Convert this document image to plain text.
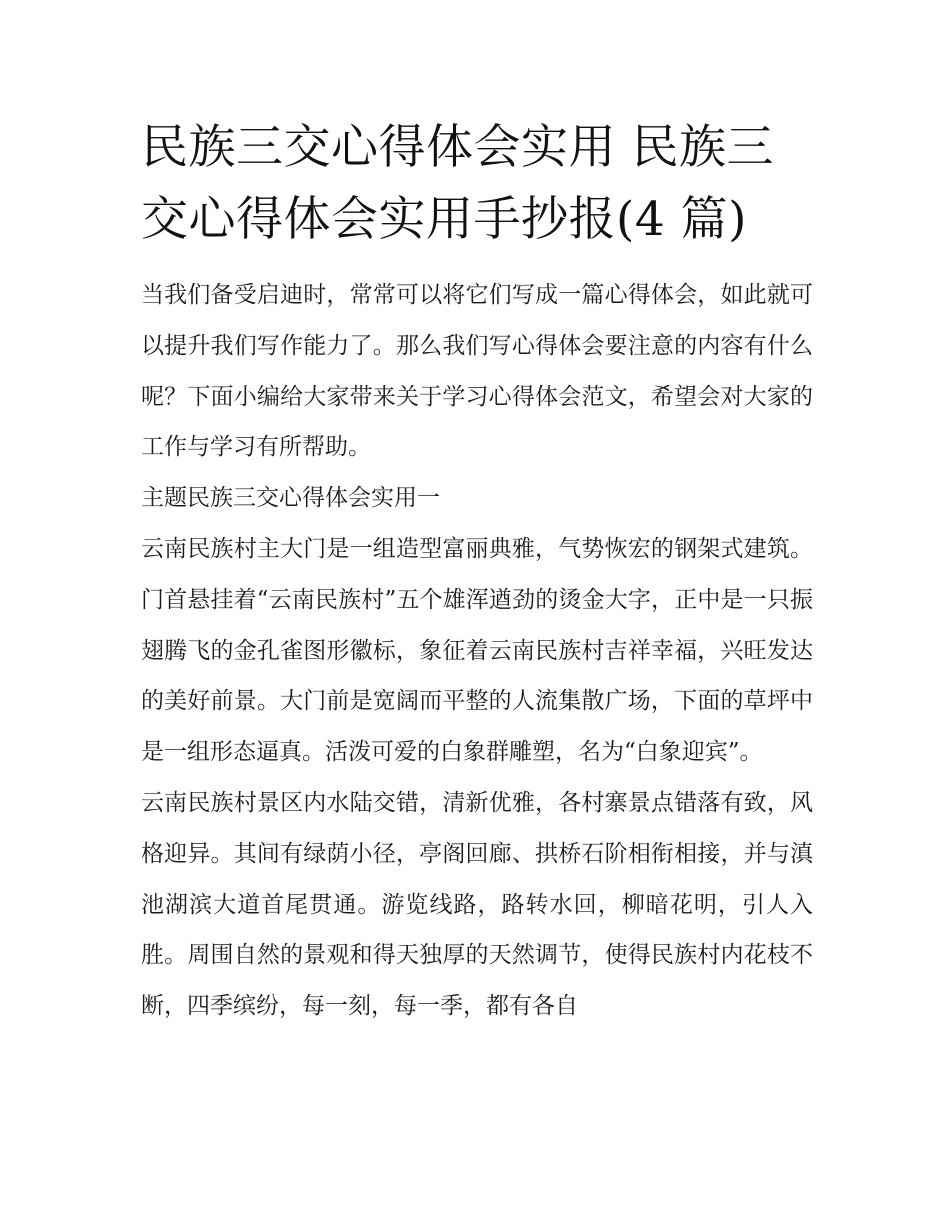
民族三交心得体会实用 民族三交心得体会实用手抄报(4 篇)

当我们备受启迪时，常常可以将它们写成一篇心得体会，如此就可以提升我们写作能力了。那么我们写心得体会要注意的内容有什么呢？下面小编给大家带来关于学习心得体会范文，希望会对大家的工作与学习有所帮助。

主题民族三交心得体会实用一

云南民族村主大门是一组造型富丽典雅，气势恢宏的钢架式建筑。门首悬挂着“云南民族村”五个雄浑遒劲的烫金大字，正中是一只振翅腾飞的金孔雀图形徽标，象征着云南民族村吉祥幸福，兴旺发达的美好前景。大门前是宽阔而平整的人流集散广场，下面的草坪中是一组形态逼真。活泼可爱的白象群雕塑，名为“白象迎宾”。

云南民族村景区内水陆交错，清新优雅，各村寨景点错落有致，风格迎异。其间有绿荫小径，亭阁回廊、拱桥石阶相衔相接，并与滇池湖滨大道首尾贯通。游览线路，路转水回，柳暗花明，引人入胜。周围自然的景观和得天独厚的天然调节，使得民族村内花枝不断，四季缤纷，每一刻，每一季，都有各自
